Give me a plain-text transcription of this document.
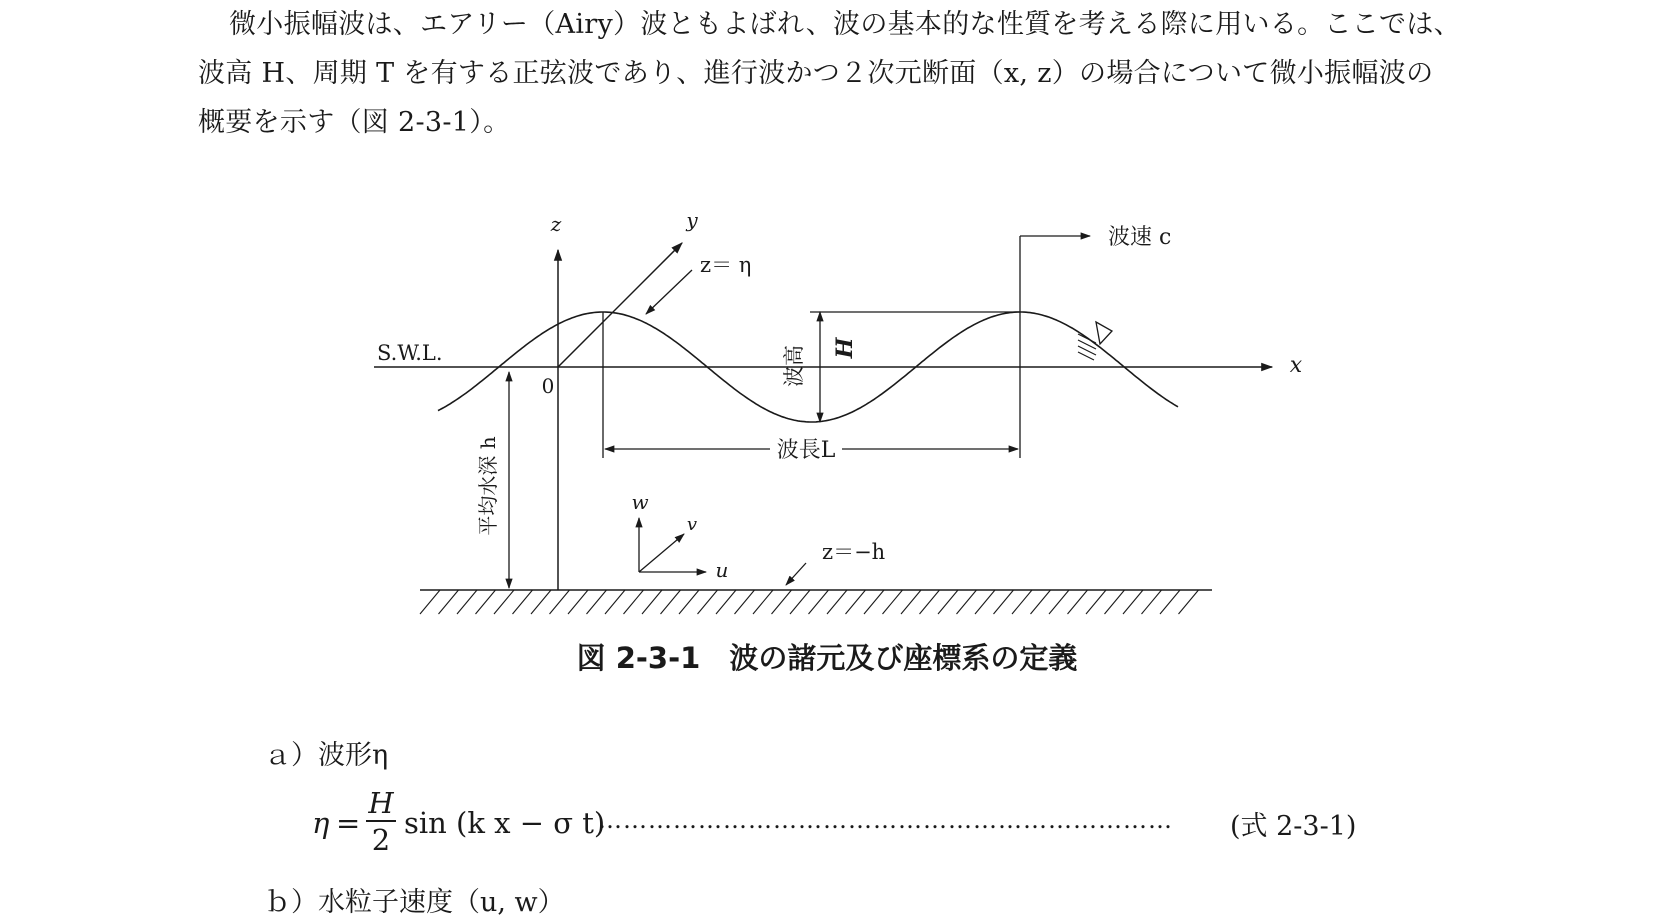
微小振幅波は、エアリー（Airy）波ともよばれ、波の基本的な性質を考える際に用いる。ここでは、
波高 H、周期 T を有する正弦波であり、進行波かつ２次元断面（x, z）の場合について微小振幅波の
概要を示す（図 2-3-1）。
z	y
x
0
z＝ η
波速 c
S.W.L.	波高 H
波長L
平均水深 h	w
v
u
z＝−h
図 2-3-1　 波の諸元及び座標系の定義
ａ）波形η
η =
H
2 sin (k x − σ t)
…………………………………………………………… (式 2-3-1)
ｂ）水粒子速度（u, w）
